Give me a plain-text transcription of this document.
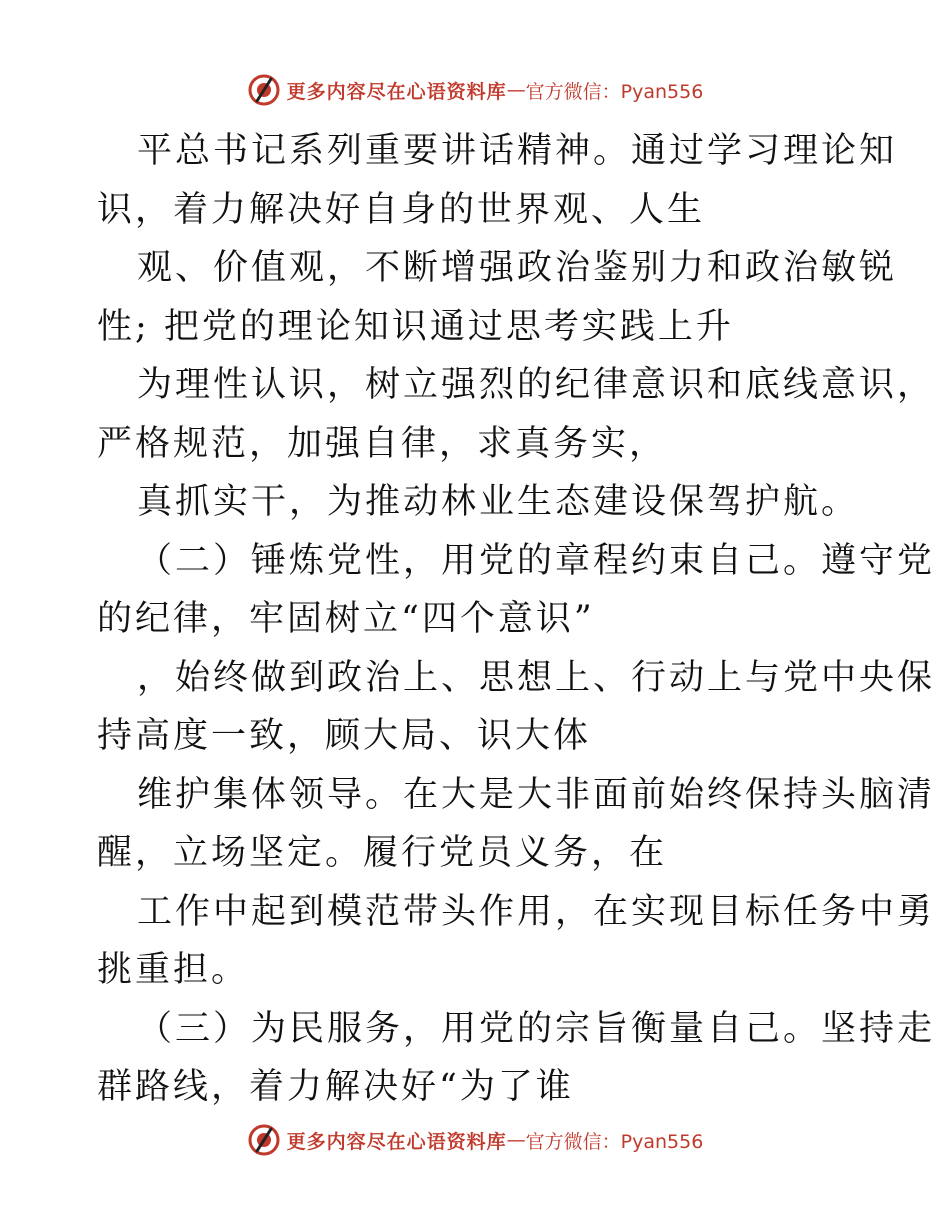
更多内容尽在心语资料库 — 官方微信：Pyan556
平总书记系列重要讲话精神。通过学习理论知
识，着力解决好自身的世界观、人生
观、价值观，不断增强政治鉴别力和政治敏锐
性; 把党的理论知识通过思考实践上升
为理性认识，树立强烈的纪律意识和底线意识，
严格规范，加强自律，求真务实，
真抓实干，为推动林业生态建设保驾护航。
（二）锤炼党性，用党的章程约束自己。遵守党
的纪律，牢固树立“四个意识”
，始终做到政治上、思想上、行动上与党中央保
持高度一致，顾大局、识大体
维护集体领导。在大是大非面前始终保持头脑清
醒，立场坚定。履行党员义务，在
工作中起到模范带头作用，在实现目标任务中勇
挑重担。
（三）为民服务，用党的宗旨衡量自己。坚持走
群路线，着力解决好“为了谁
更多内容尽在心语资料库 — 官方微信：Pyan556
